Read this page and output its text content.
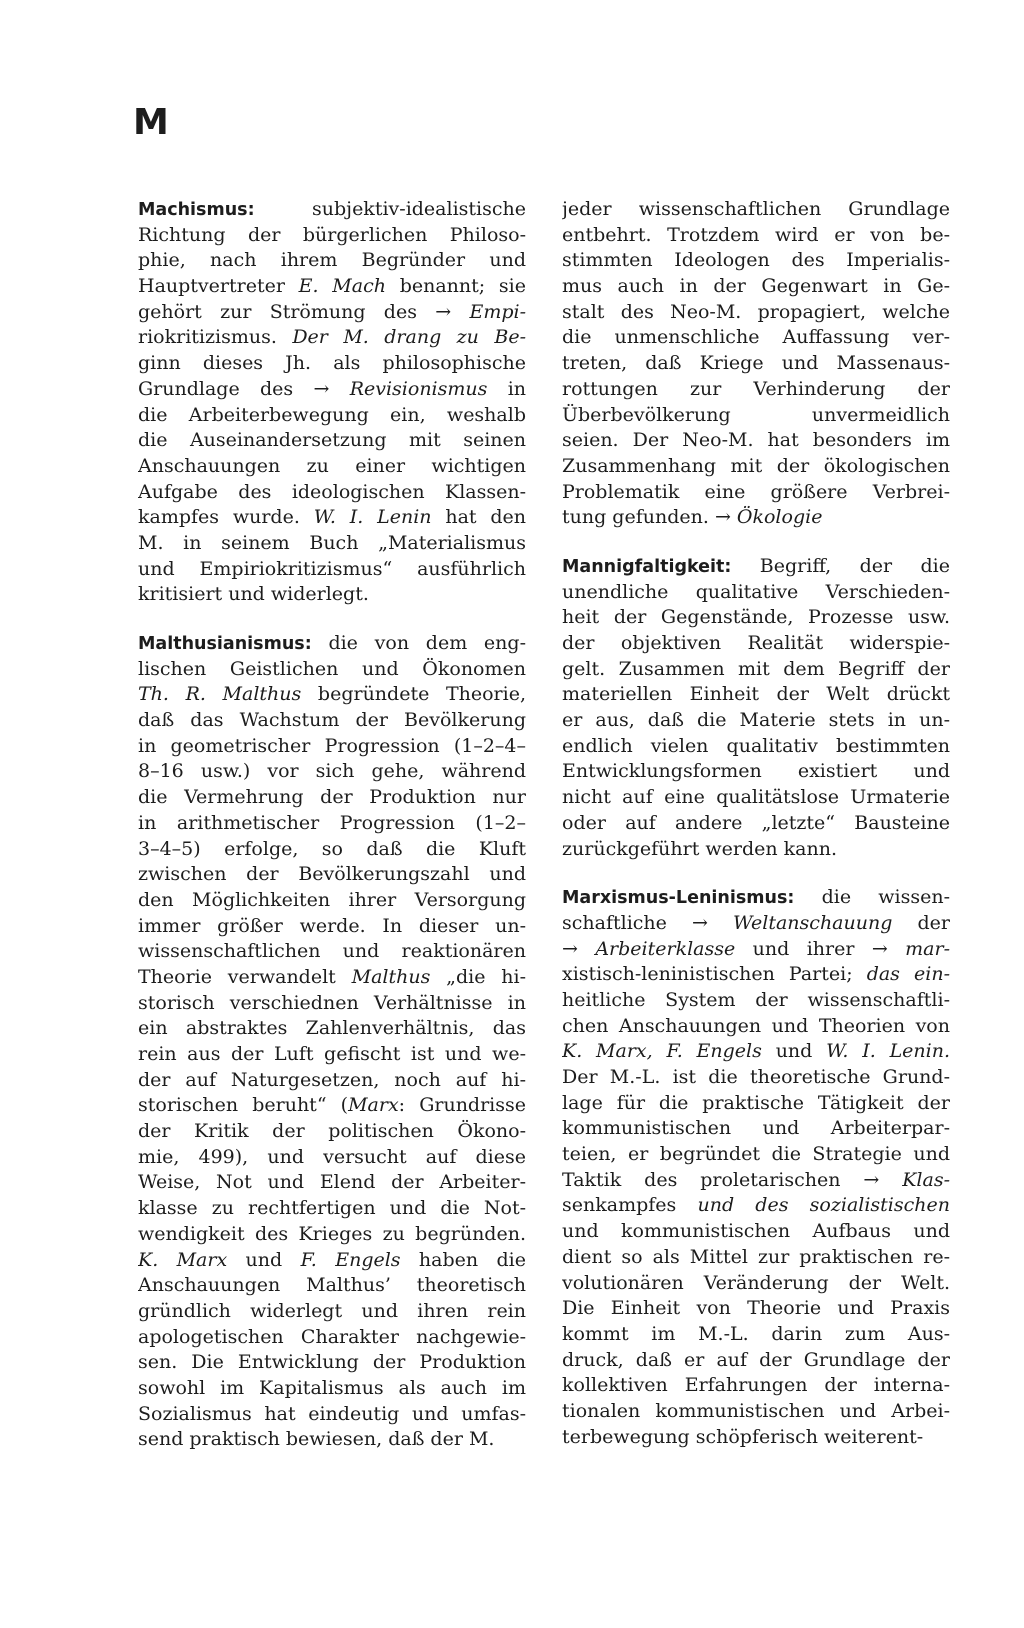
M
Machismus: subjektiv-idealistische
Richtung der bürgerlichen Philoso-
phie, nach ihrem Begründer und
Hauptvertreter E. Mach benannt; sie
gehört zur Strömung des → Empi-
riokritizismus. Der M. drang zu Be-
ginn dieses Jh. als philosophische
Grundlage des → Revisionismus in
die Arbeiterbewegung ein, weshalb
die Auseinandersetzung mit seinen
Anschauungen zu einer wichtigen
Aufgabe des ideologischen Klassen-
kampfes wurde. W. I. Lenin hat den
M. in seinem Buch „Materialismus
und Empiriokritizismus“ ausführlich
kritisiert und widerlegt.
Malthusianismus: die von dem eng-
lischen Geistlichen und Ökonomen
Th. R. Malthus begründete Theorie,
daß das Wachstum der Bevölkerung
in geometrischer Progression (1–2–4–
8–16 usw.) vor sich gehe, während
die Vermehrung der Produktion nur
in arithmetischer Progression (1–2–
3–4–5) erfolge, so daß die Kluft
zwischen der Bevölkerungszahl und
den Möglichkeiten ihrer Versorgung
immer größer werde. In dieser un-
wissenschaftlichen und reaktionären
Theorie verwandelt Malthus „die hi-
storisch verschiednen Verhältnisse in
ein abstraktes Zahlenverhältnis, das
rein aus der Luft gefischt ist und we-
der auf Naturgesetzen, noch auf hi-
storischen beruht“ (Marx: Grundrisse
der Kritik der politischen Ökono-
mie, 499), und versucht auf diese
Weise, Not und Elend der Arbeiter-
klasse zu rechtfertigen und die Not-
wendigkeit des Krieges zu begründen.
K. Marx und F. Engels haben die
Anschauungen Malthus’ theoretisch
gründlich widerlegt und ihren rein
apologetischen Charakter nachgewie-
sen. Die Entwicklung der Produktion
sowohl im Kapitalismus als auch im
Sozialismus hat eindeutig und umfas-
send praktisch bewiesen, daß der M.
jeder wissenschaftlichen Grundlage
entbehrt. Trotzdem wird er von be-
stimmten Ideologen des Imperialis-
mus auch in der Gegenwart in Ge-
stalt des Neo-M. propagiert, welche
die unmenschliche Auffassung ver-
treten, daß Kriege und Massenaus-
rottungen zur Verhinderung der
Überbevölkerung unvermeidlich
seien. Der Neo-M. hat besonders im
Zusammenhang mit der ökologischen
Problematik eine größere Verbrei-
tung gefunden. → Ökologie
Mannigfaltigkeit: Begriff, der die
unendliche qualitative Verschieden-
heit der Gegenstände, Prozesse usw.
der objektiven Realität widerspie-
gelt. Zusammen mit dem Begriff der
materiellen Einheit der Welt drückt
er aus, daß die Materie stets in un-
endlich vielen qualitativ bestimmten
Entwicklungsformen existiert und
nicht auf eine qualitätslose Urmaterie
oder auf andere „letzte“ Bausteine
zurückgeführt werden kann.
Marxismus-Leninismus: die wissen-
schaftliche → Weltanschauung der
→ Arbeiterklasse und ihrer → mar-
xistisch-leninistischen Partei; das ein-
heitliche System der wissenschaftli-
chen Anschauungen und Theorien von
K. Marx, F. Engels und W. I. Lenin.
Der M.-L. ist die theoretische Grund-
lage für die praktische Tätigkeit der
kommunistischen und Arbeiterpar-
teien, er begründet die Strategie und
Taktik des proletarischen → Klas-
senkampfes und des sozialistischen
und kommunistischen Aufbaus und
dient so als Mittel zur praktischen re-
volutionären Veränderung der Welt.
Die Einheit von Theorie und Praxis
kommt im M.-L. darin zum Aus-
druck, daß er auf der Grundlage der
kollektiven Erfahrungen der interna-
tionalen kommunistischen und Arbei-
terbewegung schöpferisch weiterent-
